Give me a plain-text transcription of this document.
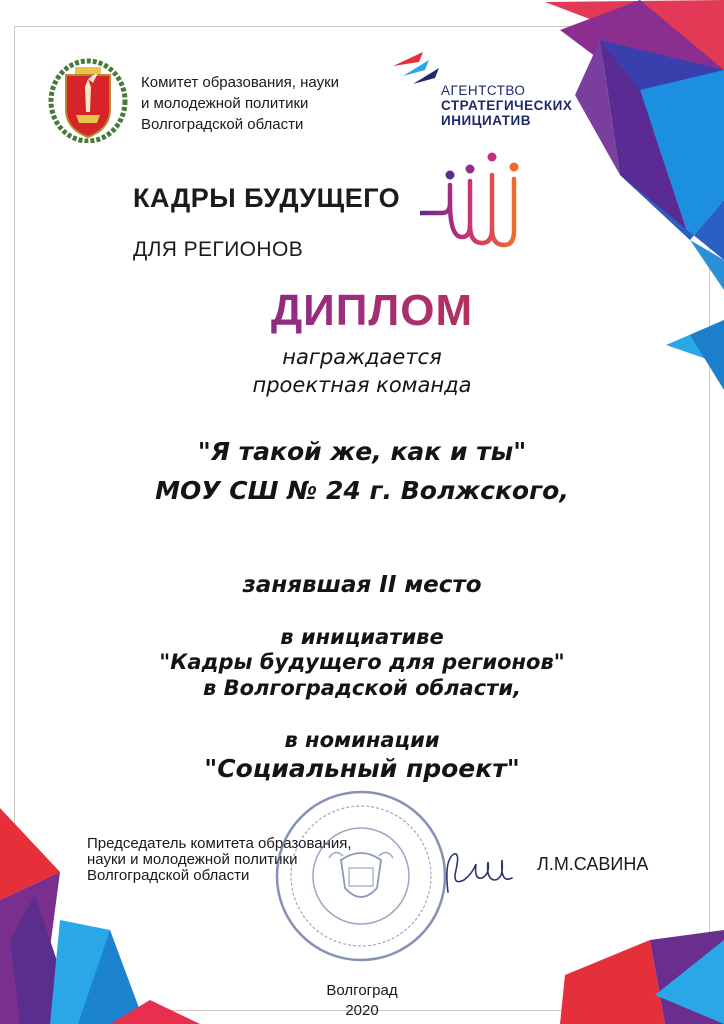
Комитет образования, науки
и молодежной политики
Волгоградской области
АГЕНТСТВО
СТРАТЕГИЧЕСКИХ
ИНИЦИАТИВ
КАДРЫ БУДУЩЕГО
ДЛЯ РЕГИОНОВ
ДИПЛОМ
награждается
проектная команда
"Я такой же, как и ты"
МОУ СШ № 24 г. Волжского,
занявшая II место
в инициативе
"Кадры будущего для регионов"
в Волгоградской области,
в номинации
"Социальный проект"
Председатель комитета образования,
науки и молодежной политики
Волгоградской области
Л.М.САВИНА
Волгоград
2020
